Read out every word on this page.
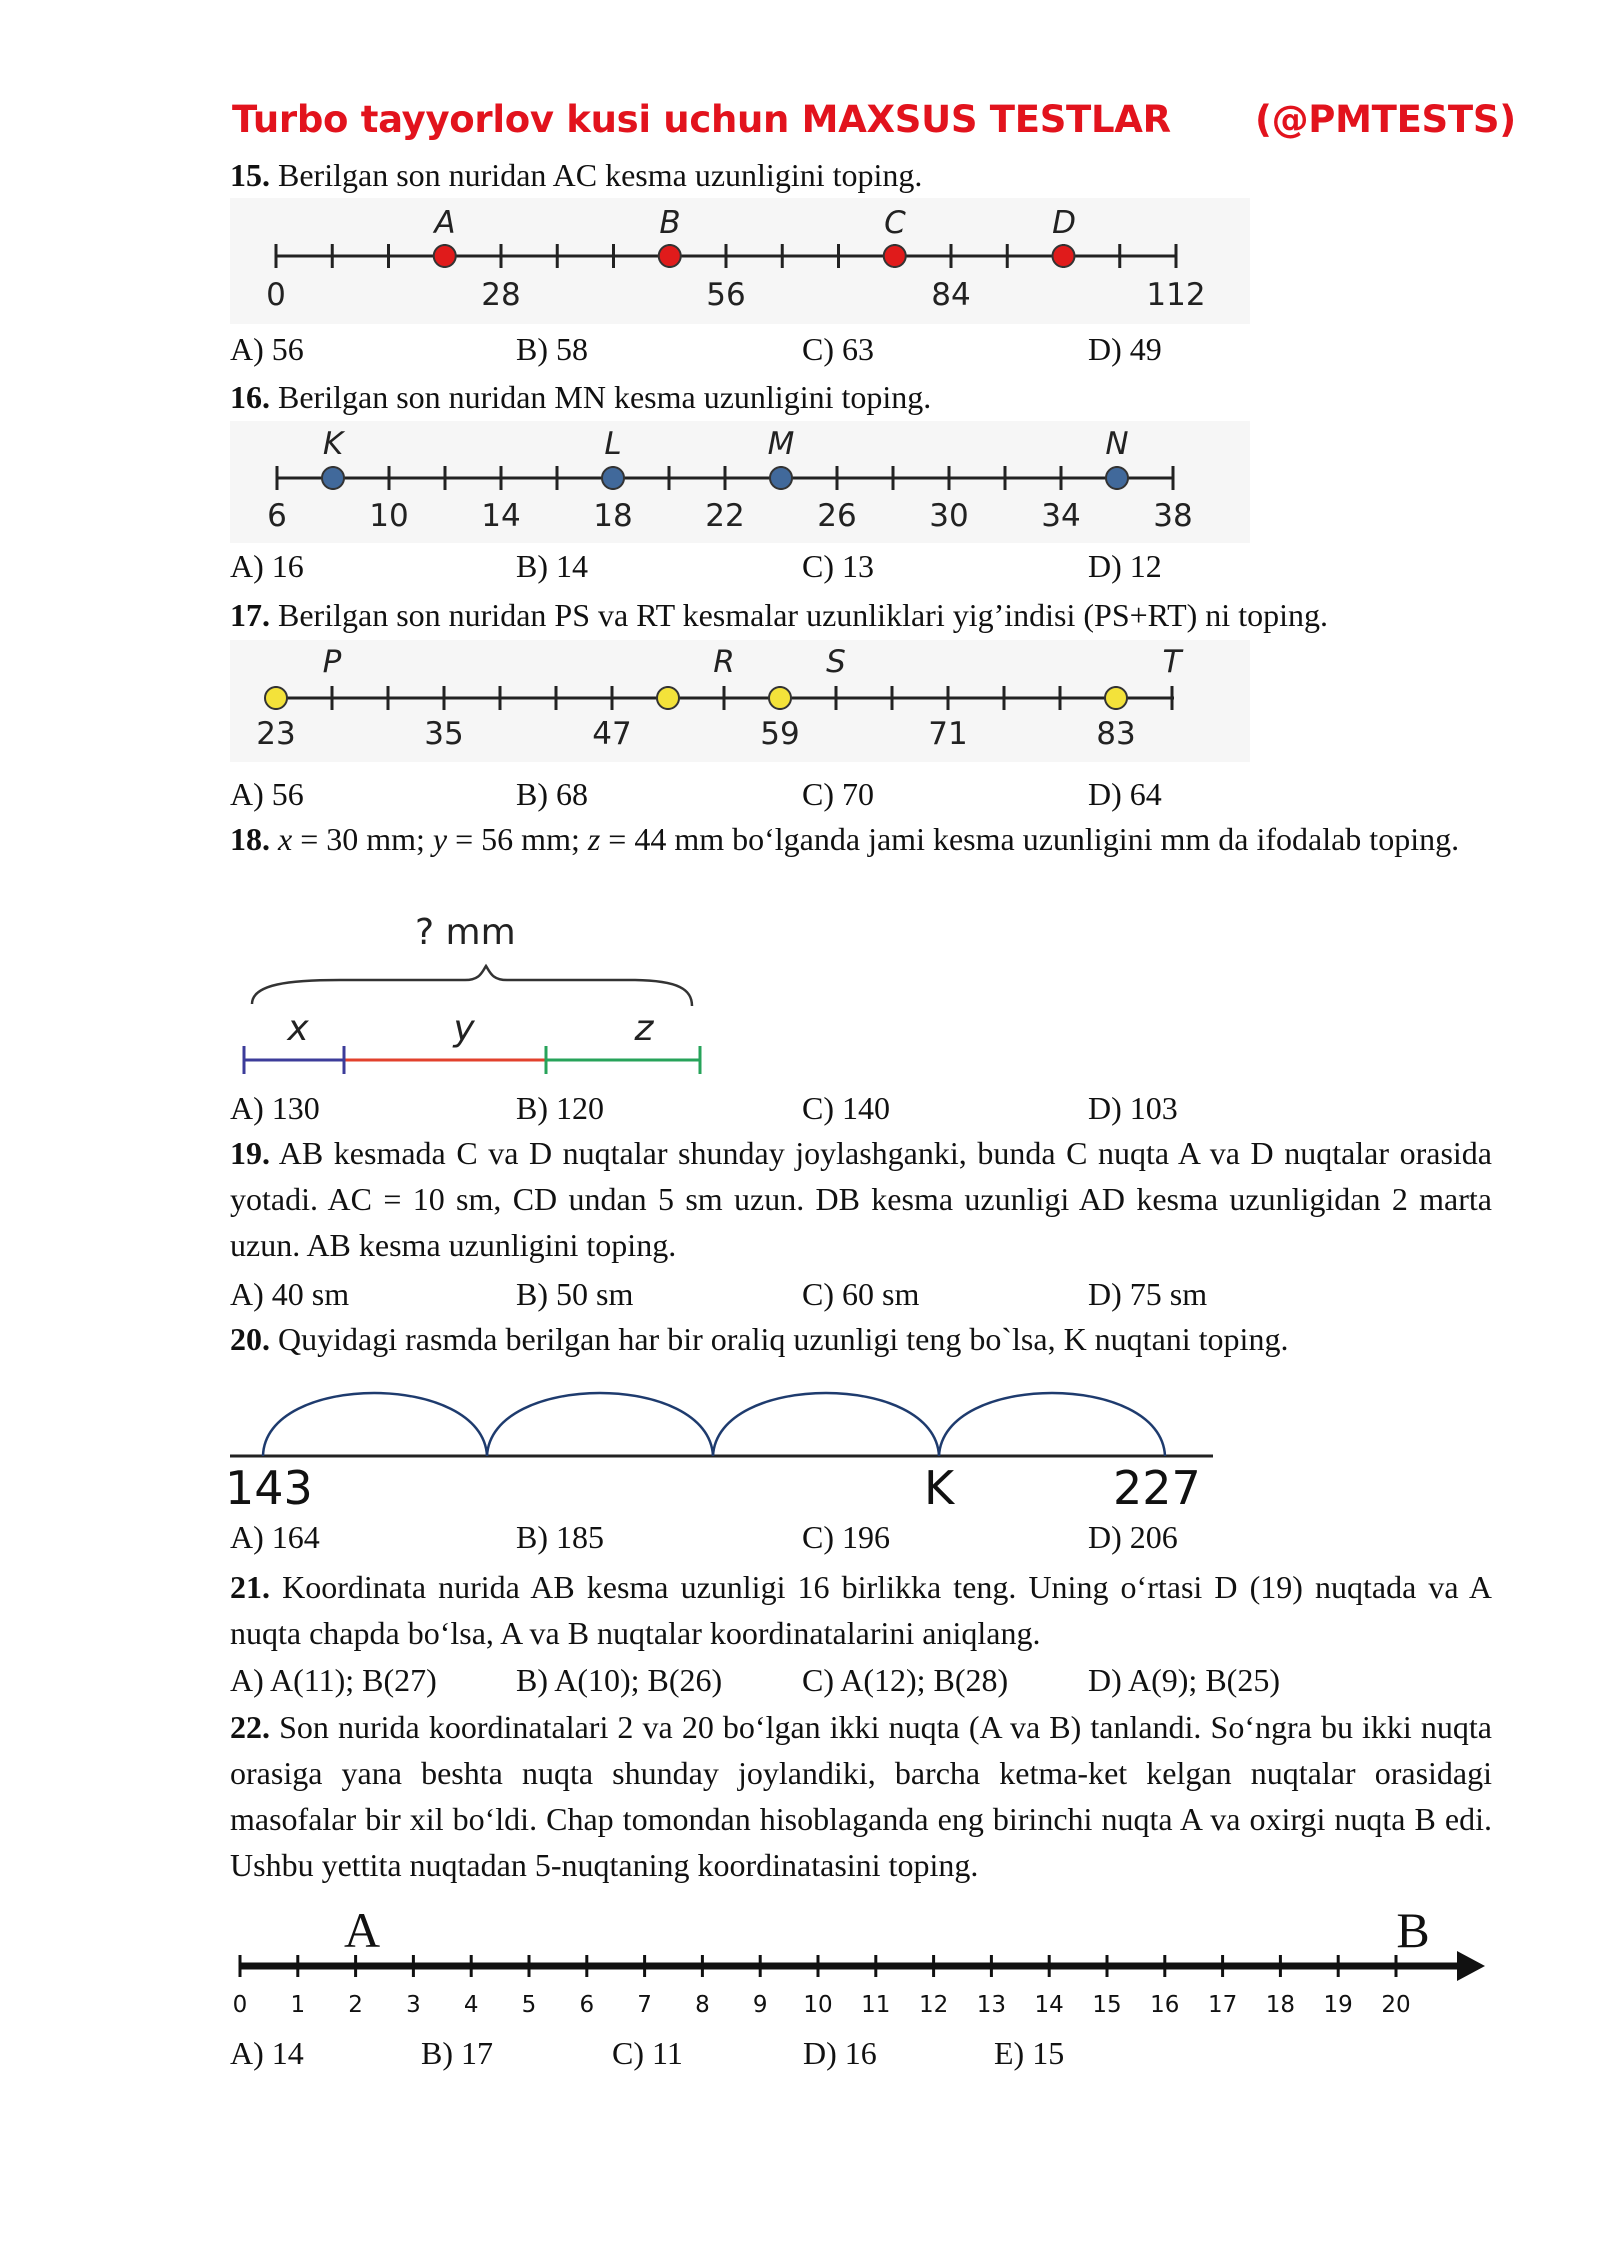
Turbo tayyorlov kusi uchun MAXSUS TESTLAR (@PMTESTS)
15. Berilgan son nuridan AC kesma uzunligini toping.
0	28	56	84	112
A	B	C	D
A) 56	B) 58	C) 63	D) 49
16. Berilgan son nuridan MN kesma uzunligini toping.
6	10 14 18 22 26 30 34 38
K	L	M	N
A) 16	B) 14	C) 13	D) 12
17. Berilgan son nuridan PS va RT kesmalar uzunliklari yig’indisi (PS+RT) ni toping.
23	35	47	59	71	83
P	R	S	T
A) 56	B) 68	C) 70	D) 64
18. x = 30 mm; y = 56 mm; z = 44 mm bo‘lganda jami kesma uzunligini mm da ifodalab toping.
? mm
x	y	z
A) 130	B) 120	C) 140	D) 103
19. AB kesmada C va D nuqtalar shunday joylashganki, bunda C nuqta A va D nuqtalar orasida yotadi. AC = 10 sm, CD undan 5 sm uzun. DB kesma uzunligi AD kesma uzunligidan 2 marta uzun. AB kesma uzunligini toping.
A) 40 sm	B) 50 sm	C) 60 sm	D) 75 sm
20. Quyidagi rasmda berilgan har bir oraliq uzunligi teng bo`lsa, K nuqtani toping.
143	K	227
A) 164	B) 185	C) 196	D) 206
21. Koordinata nurida AB kesma uzunligi 16 birlikka teng. Uning o‘rtasi D (19) nuqtada va A nuqta chapda bo‘lsa, A va B nuqtalar koordinatalarini aniqlang.
A) A(11); B(27) B) A(10); B(26) C) A(12); B(28) D) A(9); B(25)
22. Son nurida koordinatalari 2 va 20 bo‘lgan ikki nuqta (A va B) tanlandi. So‘ngra bu ikki nuqta orasiga yana beshta nuqta shunday joylandiki, barcha ketma-ket kelgan nuqtalar orasidagi masofalar bir xil bo‘ldi. Chap tomondan hisoblaganda eng birinchi nuqta A va oxirgi nuqta B edi. Ushbu yettita nuqtadan 5-nuqtaning koordinatasini toping.
0 1 2 3 4 5 6 7 8 9 10 11 12 13 14 15 16 17 18 19 20
A	B
A) 14	B) 17	C) 11	D) 16	E) 15
